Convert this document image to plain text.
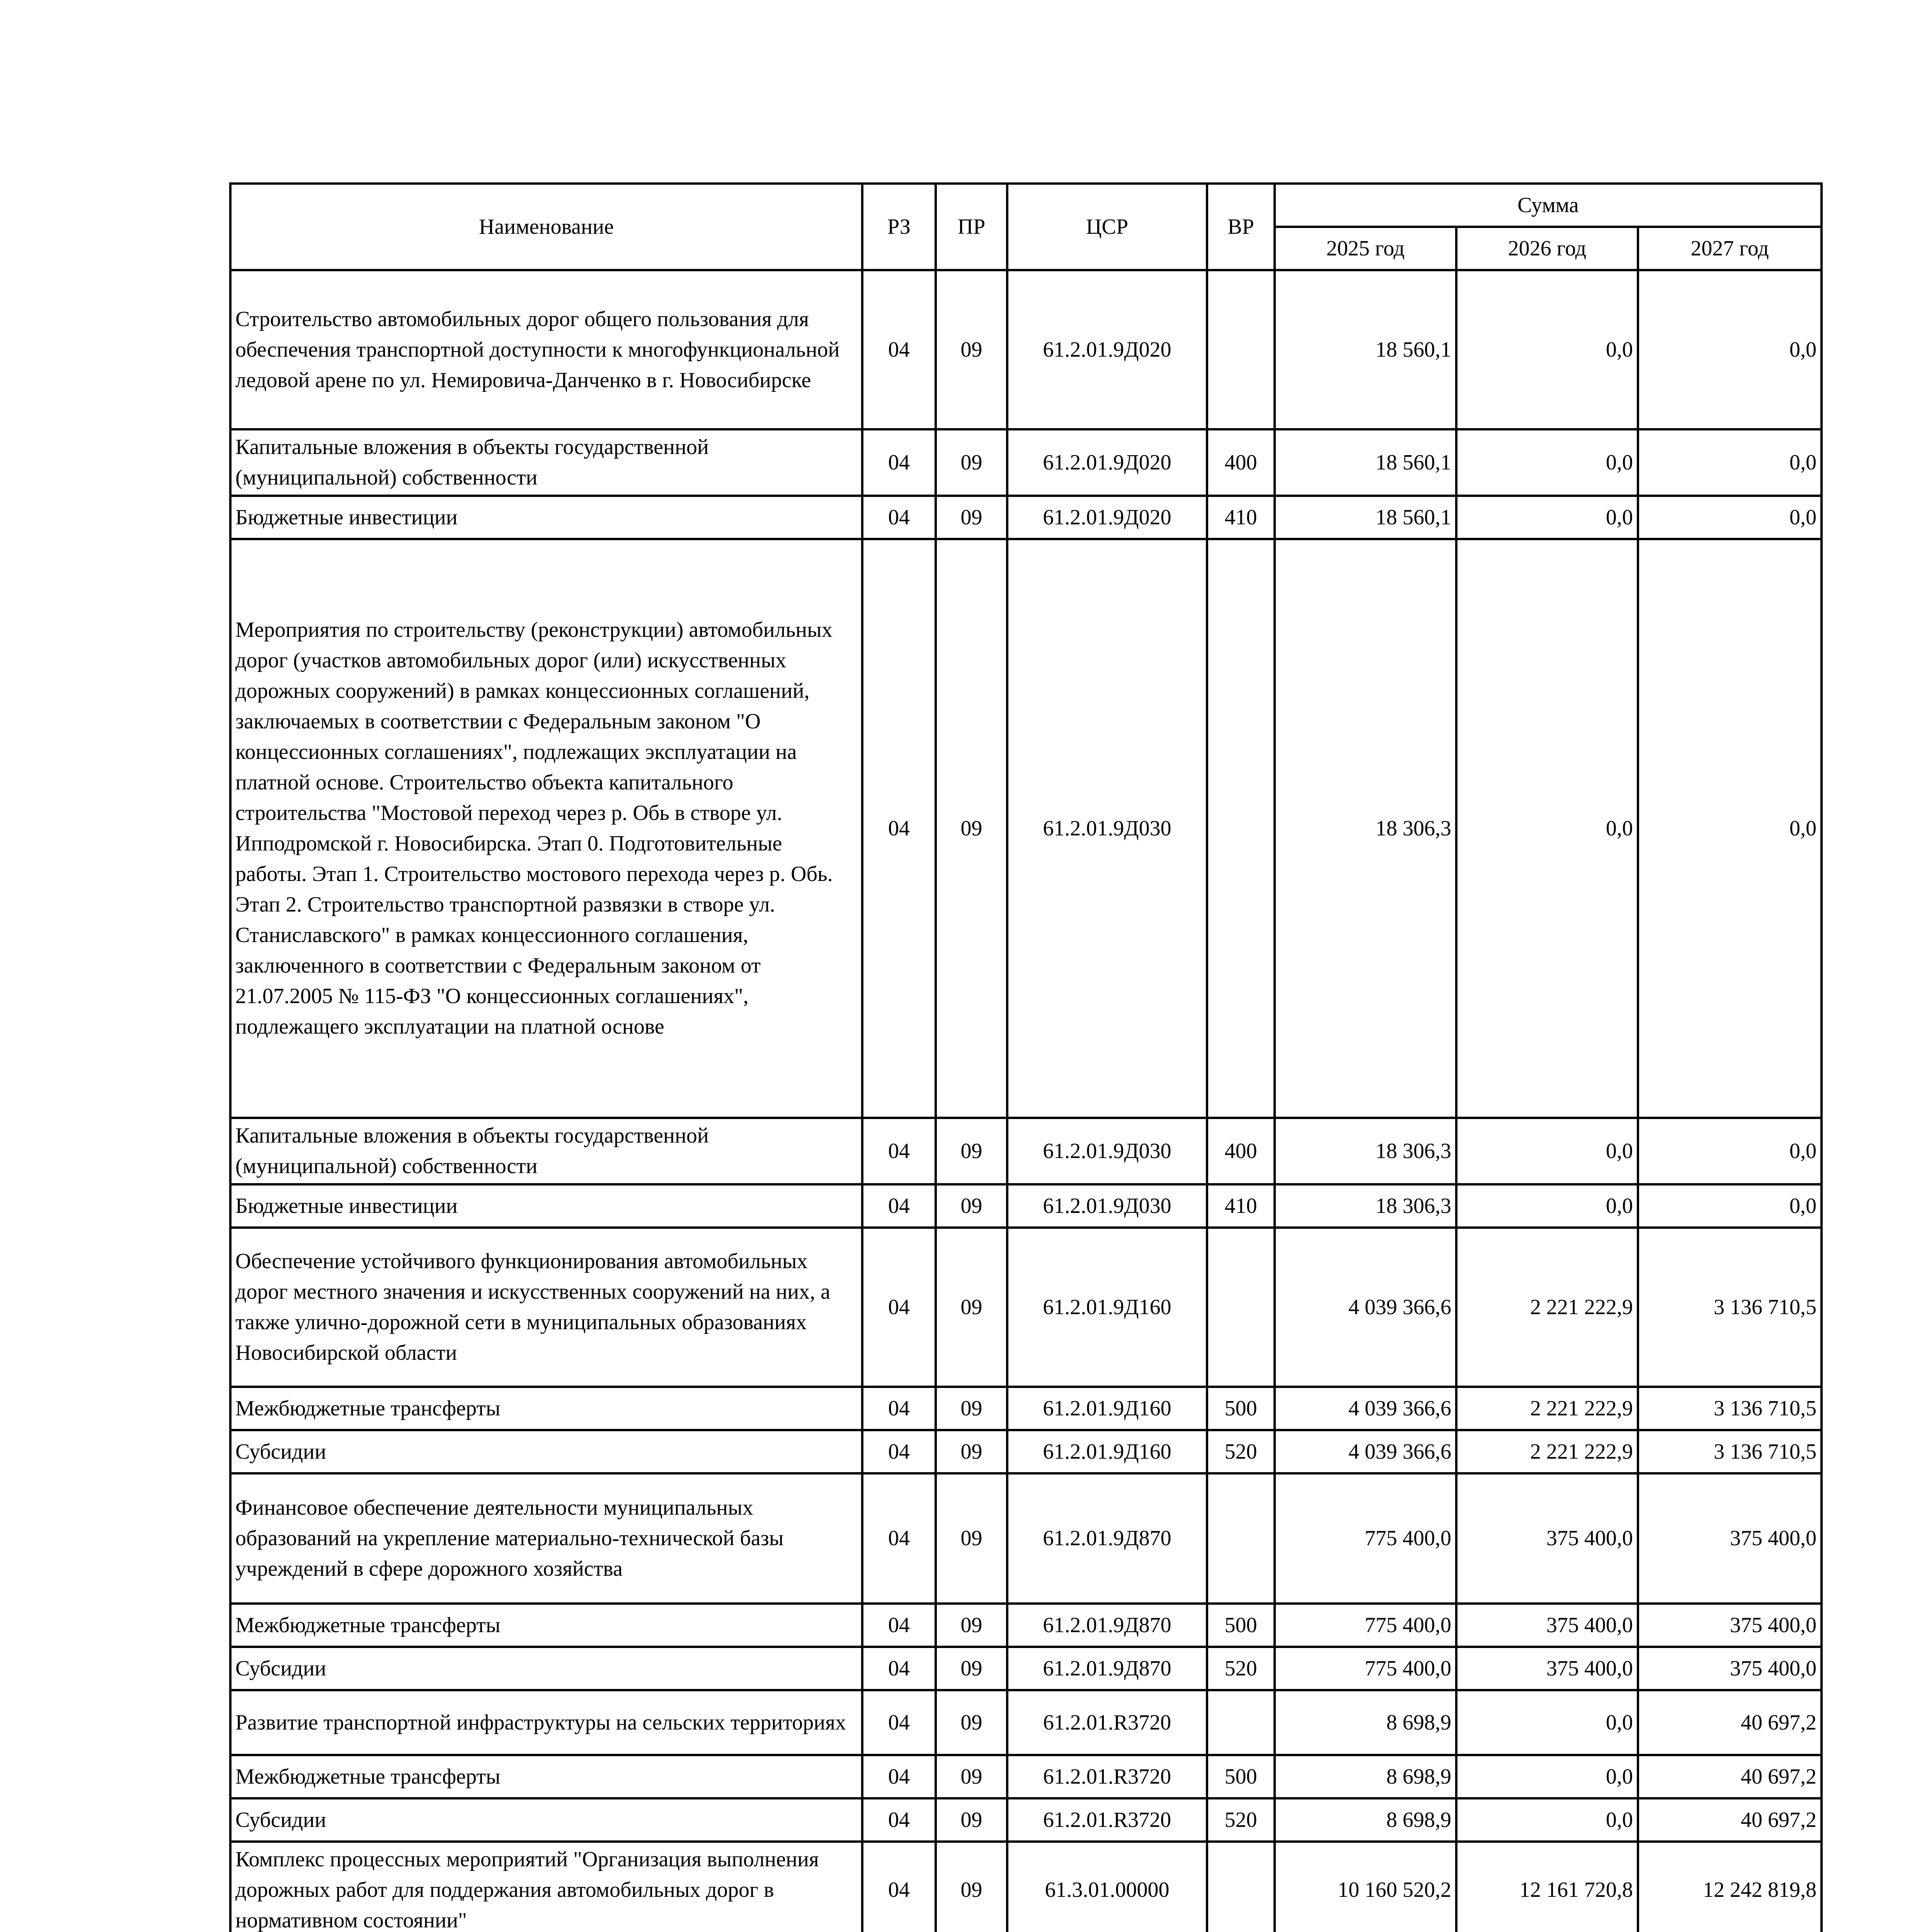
Наименование	РЗ	ПР	ЦСР	ВР	Сумма		
					2025 год	2026 год	2027 год
Строительство автомобильных дорог общего пользования для обеспечения транспортной доступности к многофункциональной ледовой арене по ул. Немировича-Данченко в г. Новосибирске	04	09	61.2.01.9Д020		18 560,1	0,0	0,0
Капитальные вложения в объекты государственной (муниципальной) собственности	04	09	61.2.01.9Д020	400	18 560,1	0,0	0,0
Бюджетные инвестиции	04	09	61.2.01.9Д020	410	18 560,1	0,0	0,0
Мероприятия по строительству (реконструкции) автомобильных дорог (участков автомобильных дорог (или) искусственных дорожных сооружений) в рамках концессионных соглашений, заключаемых в соответствии с Федеральным законом "О концессионных соглашениях", подлежащих эксплуатации на платной основе. Строительство объекта капитального строительства "Мостовой переход через р. Обь в створе ул. Ипподромской г. Новосибирска. Этап 0. Подготовительные работы. Этап 1. Строительство мостового перехода через р. Обь. Этап 2. Строительство транспортной развязки в створе ул. Станиславского" в рамках концессионного соглашения, заключенного в соответствии с Федеральным законом от 21.07.2005 № 115-ФЗ "О концессионных соглашениях", подлежащего эксплуатации на платной основе	04	09	61.2.01.9Д030		18 306,3	0,0	0,0
Капитальные вложения в объекты государственной (муниципальной) собственности	04	09	61.2.01.9Д030	400	18 306,3	0,0	0,0
Бюджетные инвестиции	04	09	61.2.01.9Д030	410	18 306,3	0,0	0,0
Обеспечение устойчивого функционирования автомобильных дорог местного значения и искусственных сооружений на них, а также улично-дорожной сети в муниципальных образованиях Новосибирской области	04	09	61.2.01.9Д160		4 039 366,6	2 221 222,9	3 136 710,5
Межбюджетные трансферты	04	09	61.2.01.9Д160	500	4 039 366,6	2 221 222,9	3 136 710,5
Субсидии	04	09	61.2.01.9Д160	520	4 039 366,6	2 221 222,9	3 136 710,5
Финансовое обеспечение деятельности муниципальных образований на укрепление материально-технической базы учреждений в сфере дорожного хозяйства	04	09	61.2.01.9Д870		775 400,0	375 400,0	375 400,0
Межбюджетные трансферты	04	09	61.2.01.9Д870	500	775 400,0	375 400,0	375 400,0
Субсидии	04	09	61.2.01.9Д870	520	775 400,0	375 400,0	375 400,0
Развитие транспортной инфраструктуры на сельских территориях	04	09	61.2.01.R3720		8 698,9	0,0	40 697,2
Межбюджетные трансферты	04	09	61.2.01.R3720	500	8 698,9	0,0	40 697,2
Субсидии	04	09	61.2.01.R3720	520	8 698,9	0,0	40 697,2
Комплекс процессных мероприятий "Организация выполнения дорожных работ для поддержания автомобильных дорог в нормативном состоянии"	04	09	61.3.01.00000		10 160 520,2	12 161 720,8	12 242 819,8
